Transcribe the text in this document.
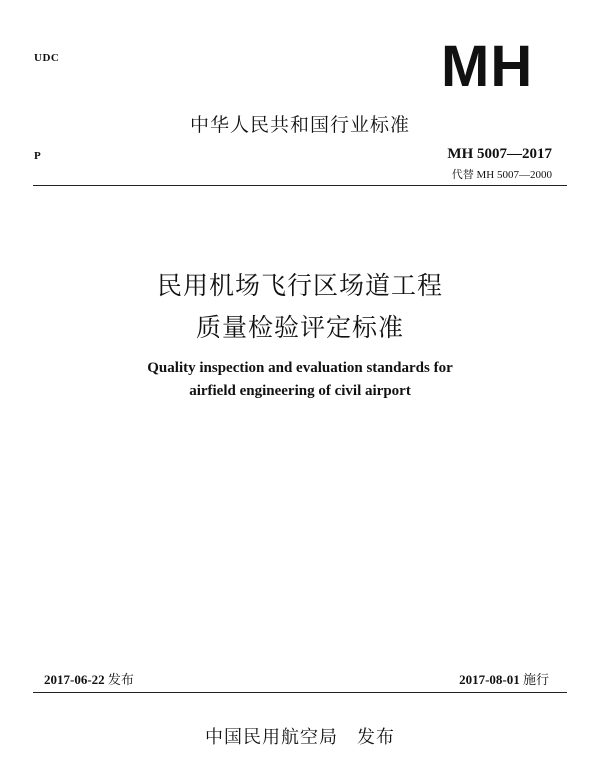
UDC	MH
中华人民共和国行业标准
P	MH 5007—2017
代替 MH 5007—2000
民用机场飞行区场道工程
质量检验评定标准
Quality inspection and evaluation standards for
airfield engineering of civil airport
2017-06-22 发布	2017-08-01 施行
中国民用航空局　发布
